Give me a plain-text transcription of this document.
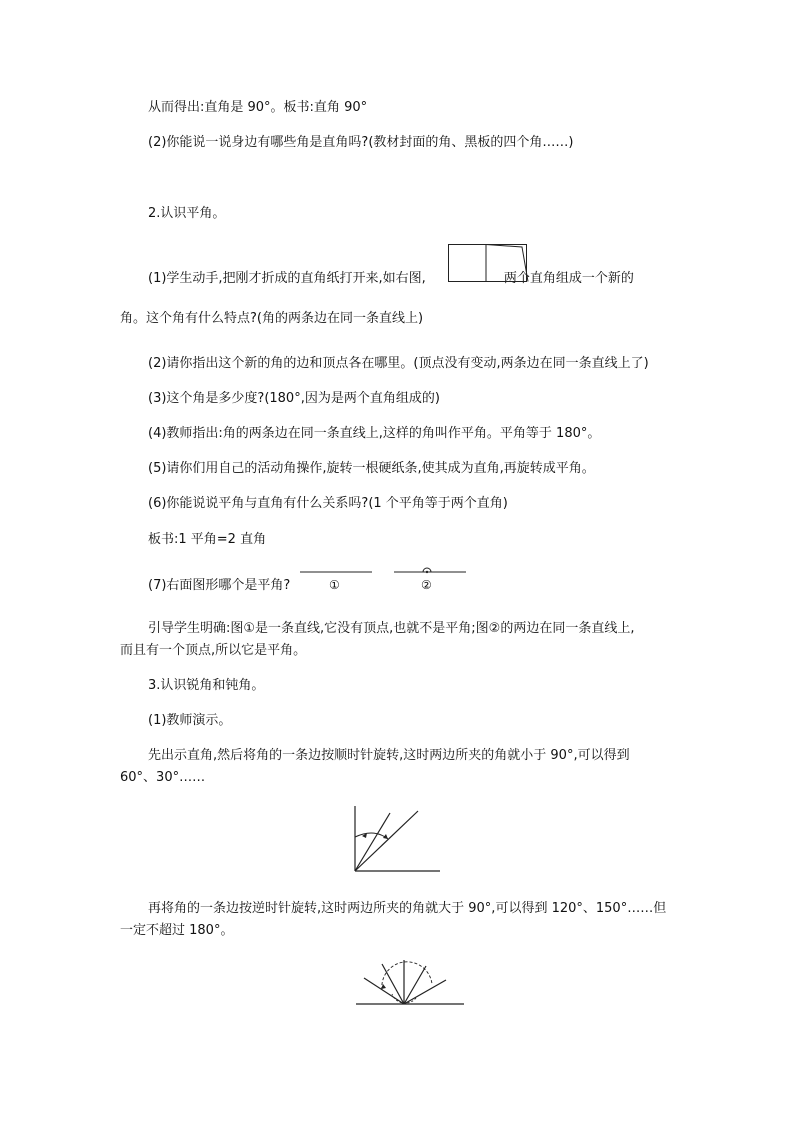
从而得出:直角是 90°。板书:直角 90°
(2)你能说一说身边有哪些角是直角吗?(教材封面的角、黑板的四个角……)
2.认识平角。
(1)学生动手,把刚才折成的直角纸打开来,如右图,	两个直角组成一个新的
角。这个角有什么特点?(角的两条边在同一条直线上)
(2)请你指出这个新的角的边和顶点各在哪里。(顶点没有变动,两条边在同一条直线上了)
(3)这个角是多少度?(180°,因为是两个直角组成的)
(4)教师指出:角的两条边在同一条直线上,这样的角叫作平角。平角等于 180°。
(5)请你们用自己的活动角操作,旋转一根硬纸条,使其成为直角,再旋转成平角。
(6)你能说说平角与直角有什么关系吗?(1 个平角等于两个直角)
板书:1 平角=2 直角
(7)右面图形哪个是平角?	①	②
引导学生明确:图①是一条直线,它没有顶点,也就不是平角;图②的两边在同一条直线上,
而且有一个顶点,所以它是平角。
3.认识锐角和钝角。
(1)教师演示。
先出示直角,然后将角的一条边按顺时针旋转,这时两边所夹的角就小于 90°,可以得到
60°、30°……
再将角的一条边按逆时针旋转,这时两边所夹的角就大于 90°,可以得到 120°、150°……但
一定不超过 180°。
